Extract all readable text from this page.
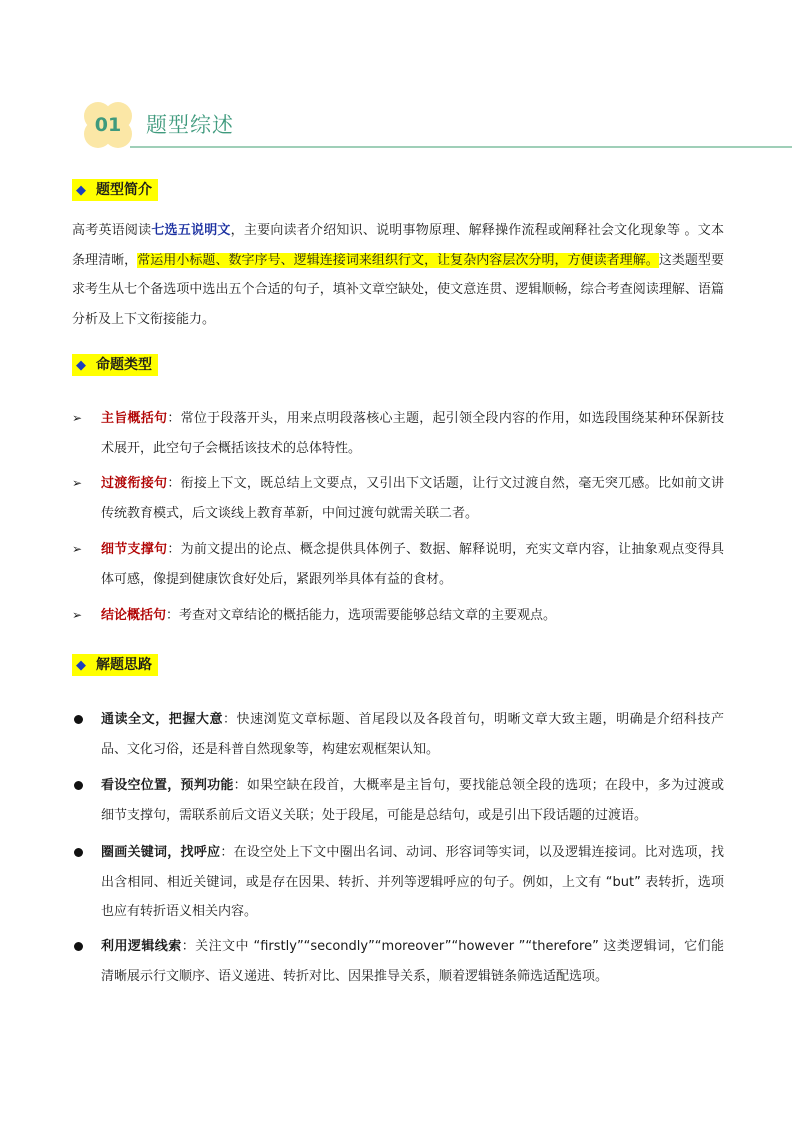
01	题型综述
◆ 题型简介
高考英语阅读七选五说明文，主要向读者介绍知识、说明事物原理、解释操作流程或阐释社会文化现象等 。文本条理清晰，常运用小标题、数字序号、逻辑连接词来组织行文，让复杂内容层次分明，方便读者理解。这类题型要求考生从七个备选项中选出五个合适的句子，填补文章空缺处，使文意连贯、逻辑顺畅，综合考查阅读理解、语篇分析及上下文衔接能力。
◆ 命题类型
➢	主旨概括句：常位于段落开头，用来点明段落核心主题，起引领全段内容的作用，如选段围绕某种环保新技术展开，此空句子会概括该技术的总体特性。
➢	过渡衔接句：衔接上下文，既总结上文要点，又引出下文话题，让行文过渡自然，毫无突兀感。比如前文讲传统教育模式，后文谈线上教育革新，中间过渡句就需关联二者。
➢	细节支撑句：为前文提出的论点、概念提供具体例子、数据、解释说明，充实文章内容，让抽象观点变得具体可感，像提到健康饮食好处后，紧跟列举具体有益的食材。
➢	结论概括句：考查对文章结论的概括能力，选项需要能够总结文章的主要观点。
◆ 解题思路
通读全文，把握大意：快速浏览文章标题、首尾段以及各段首句，明晰文章大致主题，明确是介绍科技产品、文化习俗，还是科普自然现象等，构建宏观框架认知。
看设空位置，预判功能：如果空缺在段首，大概率是主旨句，要找能总领全段的选项；在段中，多为过渡或细节支撑句，需联系前后文语义关联；处于段尾，可能是总结句，或是引出下段话题的过渡语。
圈画关键词，找呼应：在设空处上下文中圈出名词、动词、形容词等实词，以及逻辑连接词。比对选项，找出含相同、相近关键词，或是存在因果、转折、并列等逻辑呼应的句子。例如，上文有 “but” 表转折，选项也应有转折语义相关内容。
利用逻辑线索：关注文中 “firstly”“secondly”“moreover”“however ”“therefore” 这类逻辑词，它们能清晰展示行文顺序、语义递进、转折对比、因果推导关系，顺着逻辑链条筛选适配选项。
